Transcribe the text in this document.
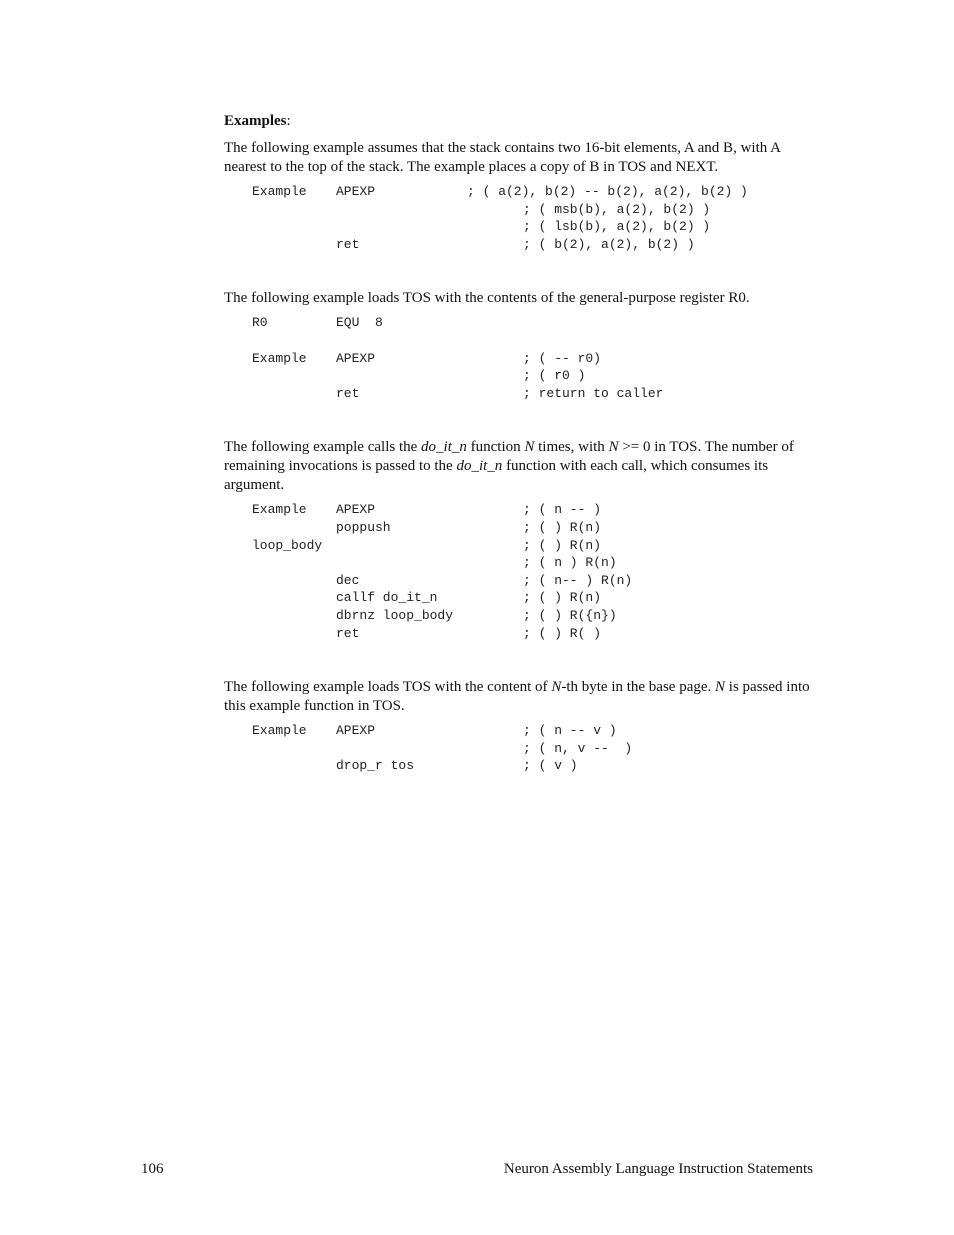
Examples:

The following example assumes that the stack contains two 16-bit elements, A and B, with A nearest to the top of the stack. The example places a copy of B in TOS and NEXT.

Example APEXP	; ( a(2), b(2) -- b(2), a(2), b(2) )
; ( msb(b), a(2), b(2) )
; ( lsb(b), a(2), b(2) )
ret	; ( b(2), a(2), b(2) )

The following example loads TOS with the contents of the general-purpose register R0.

R0	EQU  8
Example APEXP	; ( -- r0)
; ( r0 )
ret	; return to caller

The following example calls the do_it_n function N times, with N >= 0 in TOS. The number of remaining invocations is passed to the do_it_n function with each call, which consumes its argument.

Example APEXP	; ( n -- )
poppush	; ( ) R(n)
loop_body	; ( ) R(n)
; ( n ) R(n)
dec	; ( n-- ) R(n)
callf do_it_n	; ( ) R(n)
dbrnz loop_body	; ( ) R({n})
ret	; ( ) R( )

The following example loads TOS with the content of N-th byte in the base page. N is passed into this example function in TOS.

Example APEXP	; ( n -- v )
; ( n, v --  )
drop_r tos	; ( v )
106	Neuron Assembly Language Instruction Statements
